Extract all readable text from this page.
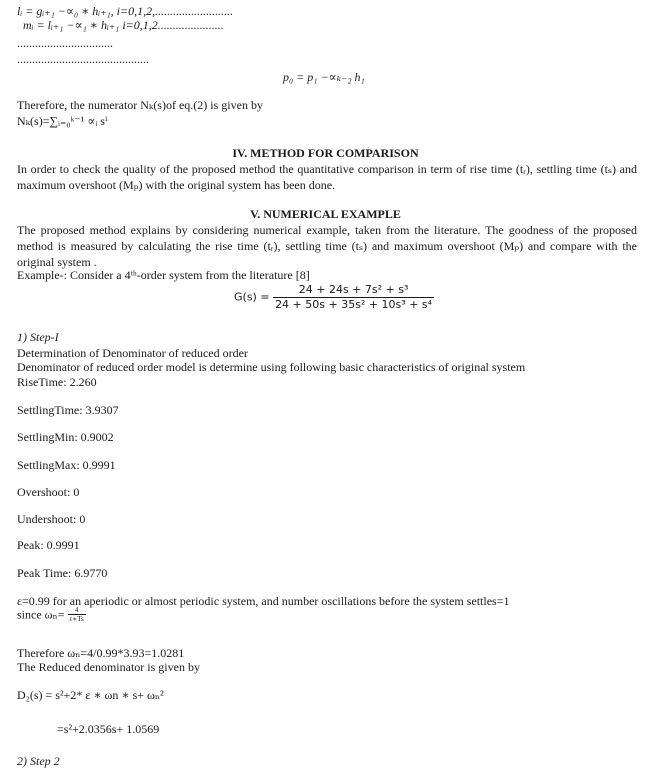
lᵢ = gᵢ₊₁ −∝₀ ∗ hᵢ₊₁, i=0,1,2,..........................
mᵢ = lᵢ₊₁ −∝₁ ∗ hᵢ₊₁ i=0,1,2......................
................................
............................................
p₀ = p₁ −∝ₖ₋₂ h₁
Therefore, the numerator Nₖ(s)of eq.(2) is given by
Nₖ(s)=∑ᵢ₌₀ᵏ⁻¹ ∝ᵢ sⁱ
IV. METHOD FOR COMPARISON
In order to check the quality of the proposed method the quantitative comparison in term of rise time (tᵣ), settling time (tₛ) and maximum overshoot (Mₚ) with the original system has been done.
V. NUMERICAL EXAMPLE
The proposed method explains by considering numerical example, taken from the literature. The goodness of the proposed method is measured by calculating the rise time (tᵣ), settling time (tₛ) and maximum overshoot (Mₚ) and compare with the original system .
Example-: Consider a 4ᵗʰ-order system from the literature [8]
$G(s) = \frac{\text{24 + 24s + 7s² + s³}}{\text{24 + 50s + 35s² + 10s³ + s⁴}}$
1) Step-I
Determination of Denominator of reduced order
Denominator of reduced order model is determine using following basic characteristics of original system
RiseTime: 2.260
SettlingTime: 3.9307
SettlingMin: 0.9002
SettlingMax: 0.9991
Overshoot: 0
Undershoot: 0
Peak: 0.9991
Peak Time: 6.9770
ε=0.99 for an aperiodic or almost periodic system, and number oscillations before the system settles=1
since $\omega_n= \frac{4}{\varepsilon∗Ts}$
Therefore ωₙ=4/0.99*3.93=1.0281
The Reduced denominator is given by
D₂(s) = s²+2* ε ∗ ωn ∗ s+ ωₙ²
=s²+2.0356s+ 1.0569
2) Step 2
